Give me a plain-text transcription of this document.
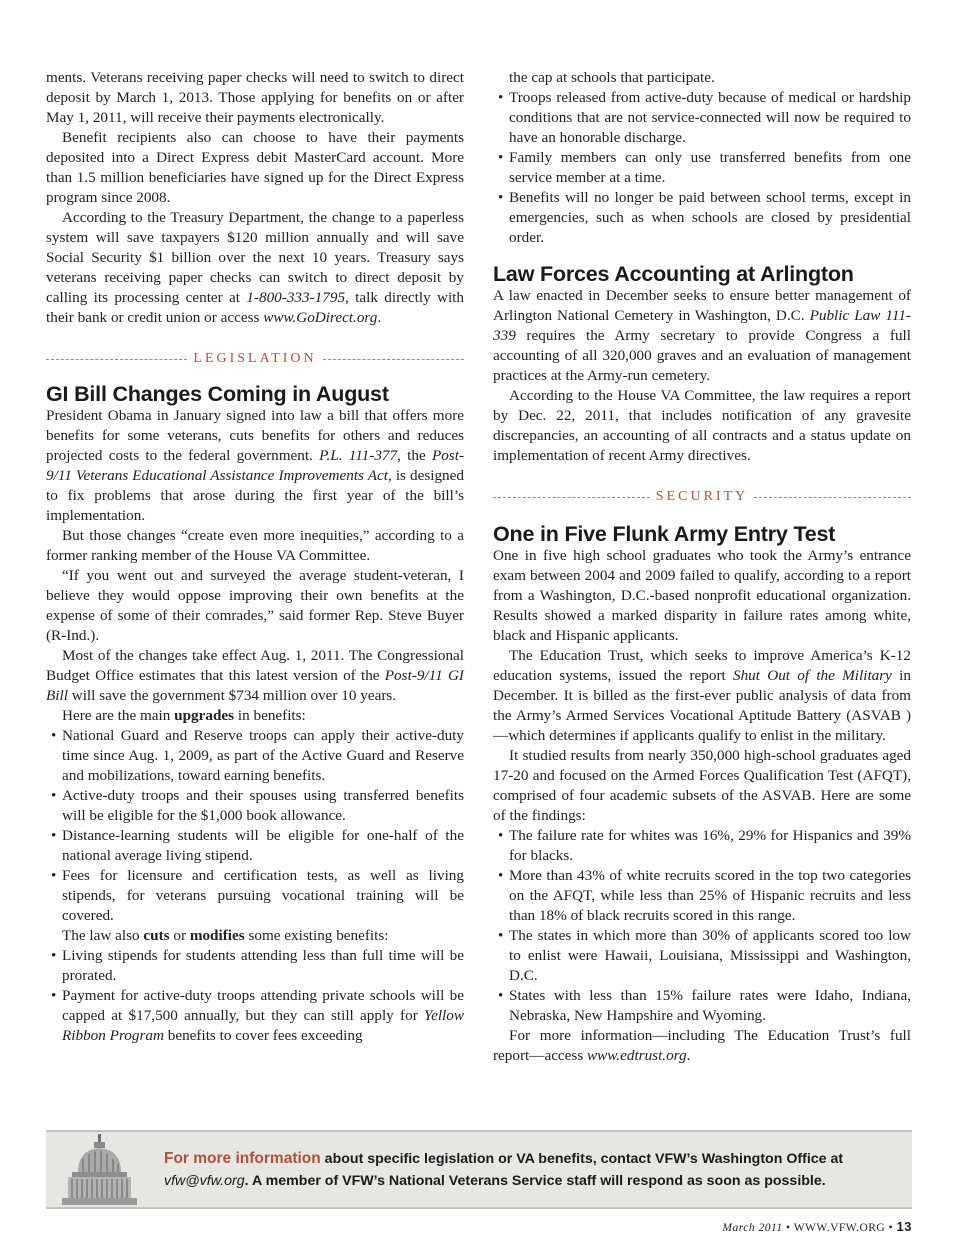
ments. Veterans receiving paper checks will need to switch to direct deposit by March 1, 2013. Those applying for benefits on or after May 1, 2011, will receive their payments electronically.

Benefit recipients also can choose to have their payments deposited into a Direct Express debit MasterCard account. More than 1.5 million beneficiaries have signed up for the Direct Express program since 2008.

According to the Treasury Department, the change to a paperless system will save taxpayers $120 million annually and will save Social Security $1 billion over the next 10 years. Treasury says veterans receiving paper checks can switch to direct deposit by calling its processing center at 1-800-333-1795, talk directly with their bank or credit union or access www.GoDirect.org.

LEGISLATION
GI Bill Changes Coming in August

President Obama in January signed into law a bill that offers more benefits for some veterans, cuts benefits for others and reduces projected costs to the federal government. P.L. 111-377, the Post-9/11 Veterans Educational Assistance Improvements Act, is designed to fix problems that arose during the first year of the bill’s implementation.

But those changes “create even more inequities,” according to a former ranking member of the House VA Committee.

“If you went out and surveyed the average student-veteran, I believe they would oppose improving their own benefits at the expense of some of their comrades,” said former Rep. Steve Buyer (R-Ind.).

Most of the changes take effect Aug. 1, 2011. The Congressional Budget Office estimates that this latest version of the Post-9/11 GI Bill will save the government $734 million over 10 years.

Here are the main upgrades in benefits:

• National Guard and Reserve troops can apply their active-duty time since Aug. 1, 2009, as part of the Active Guard and Reserve and mobilizations, toward earning benefits.
• Active-duty troops and their spouses using transferred benefits will be eligible for the $1,000 book allowance.
• Distance-learning students will be eligible for one-half of the national average living stipend.
• Fees for licensure and certification tests, as well as living stipends, for veterans pursuing vocational training will be covered.

The law also cuts or modifies some existing benefits:

• Living stipends for students attending less than full time will be prorated.
• Payment for active-duty troops attending private schools will be capped at $17,500 annually, but they can still apply for Yellow Ribbon Program benefits to cover fees exceeding

the cap at schools that participate.

• Troops released from active-duty because of medical or hardship conditions that are not service-connected will now be required to have an honorable discharge.
• Family members can only use transferred benefits from one service member at a time.
• Benefits will no longer be paid between school terms, except in emergencies, such as when schools are closed by presidential order.
Law Forces Accounting at Arlington

A law enacted in December seeks to ensure better management of Arlington National Cemetery in Washington, D.C. Public Law 111-339 requires the Army secretary to provide Congress a full accounting of all 320,000 graves and an evaluation of management practices at the Army-run cemetery.

According to the House VA Committee, the law requires a report by Dec. 22, 2011, that includes notification of any gravesite discrepancies, an accounting of all contracts and a status update on implementation of recent Army directives.

SECURITY
One in Five Flunk Army Entry Test

One in five high school graduates who took the Army’s entrance exam between 2004 and 2009 failed to qualify, according to a report from a Washington, D.C.-based nonprofit educational organization. Results showed a marked disparity in failure rates among white, black and Hispanic applicants.

The Education Trust, which seeks to improve America’s K-12 education systems, issued the report Shut Out of the Military in December. It is billed as the first-ever public analysis of data from the Army’s Armed Services Vocational Aptitude Battery (ASVAB )—which determines if applicants qualify to enlist in the military.

It studied results from nearly 350,000 high-school graduates aged 17-20 and focused on the Armed Forces Qualification Test (AFQT), comprised of four academic subsets of the ASVAB. Here are some of the findings:

• The failure rate for whites was 16%, 29% for Hispanics and 39% for blacks.
• More than 43% of white recruits scored in the top two categories on the AFQT, while less than 25% of Hispanic recruits and less than 18% of black recruits scored in this range.
• The states in which more than 30% of applicants scored too low to enlist were Hawaii, Louisiana, Mississippi and Washington, D.C.
• States with less than 15% failure rates were Idaho, Indiana, Nebraska, New Hampshire and Wyoming.

For more information—including The Education Trust’s full report—access www.edtrust.org.

For more information about specific legislation or VA benefits, contact VFW’s Washington Office at vfw@vfw.org. A member of VFW’s National Veterans Service staff will respond as soon as possible.
March 2011 • WWW.VFW.ORG • 13
